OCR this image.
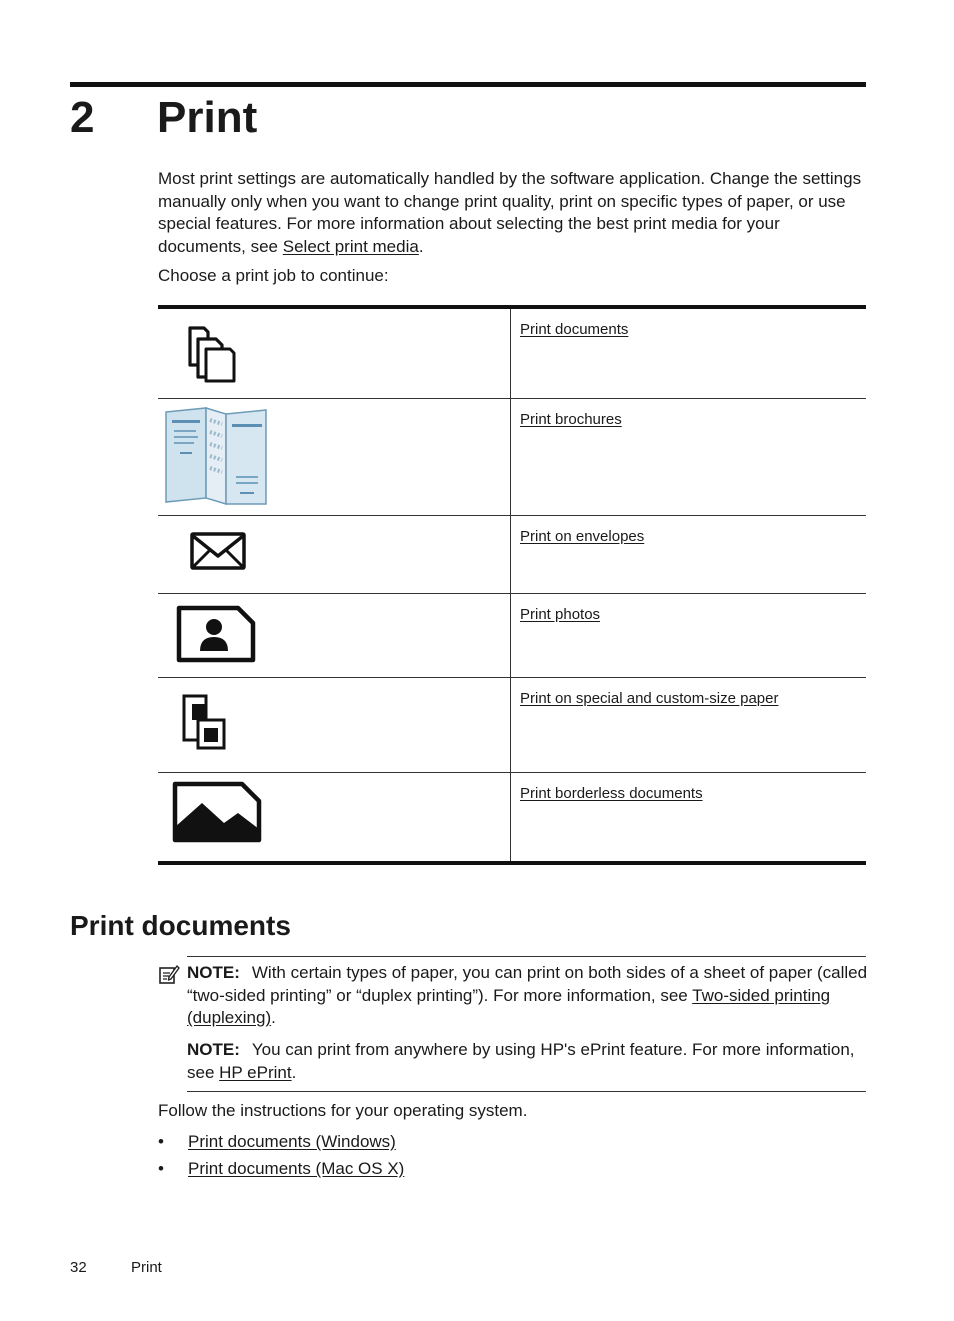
2 Print
Most print settings are automatically handled by the software application. Change the settings manually only when you want to change print quality, print on specific types of paper, or use special features. For more information about selecting the best print media for your documents, see Select print media.
Choose a print job to continue:
Print documents
Print brochures
Print on envelopes
Print photos
Print on special and custom-size paper
Print borderless documents
Print documents
NOTE: With certain types of paper, you can print on both sides of a sheet of paper (called “two-sided printing” or “duplex printing”). For more information, see Two-sided printing (duplexing).
NOTE: You can print from anywhere by using HP's ePrint feature. For more information, see HP ePrint.
Follow the instructions for your operating system.
• Print documents (Windows)
• Print documents (Mac OS X)
32	Print
